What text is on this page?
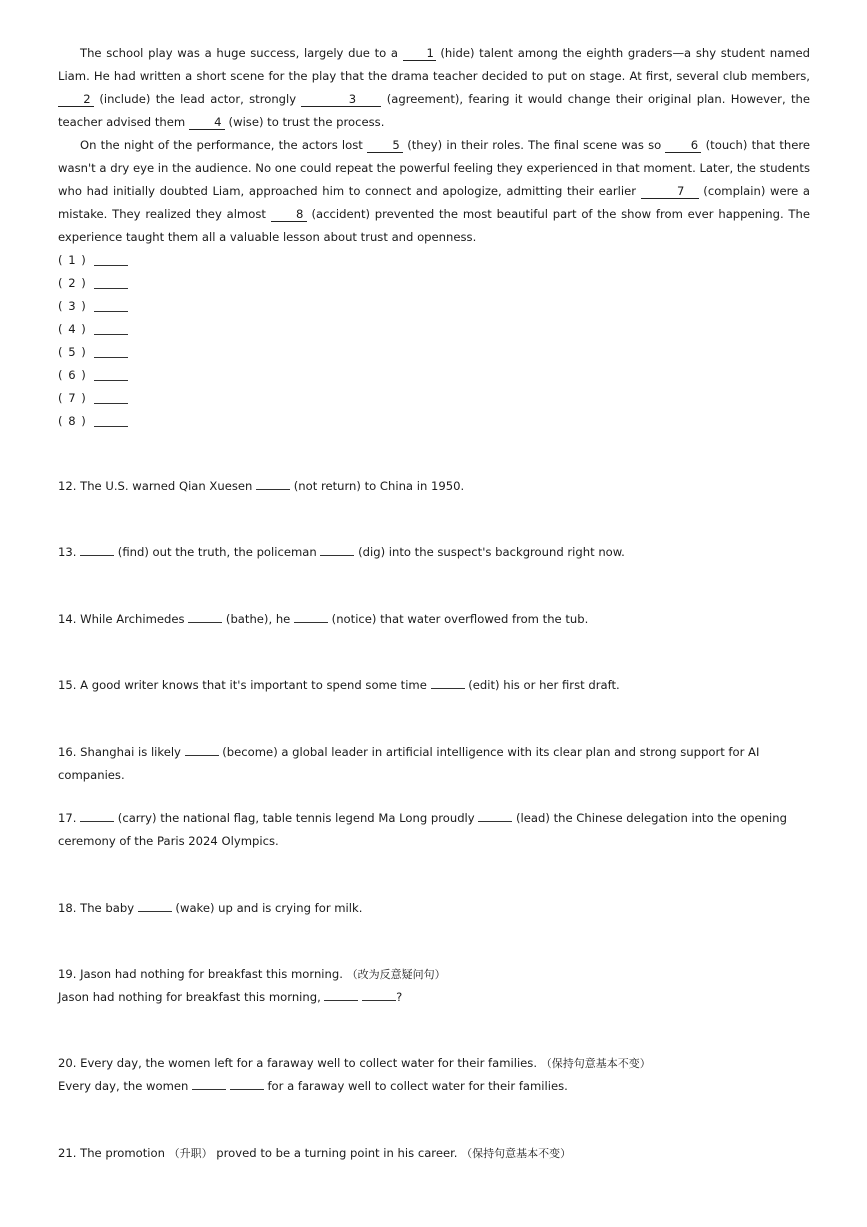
The school play was a huge success, largely due to a 1 (hide) talent among the eighth graders—a shy student named Liam. He had written a short scene for the play that the drama teacher decided to put on stage. At first, several club members, 2 (include) the lead actor, strongly	3 (agreement), fearing it would change their original plan. However, the teacher advised them 4 (wise) to trust the process.

On the night of the performance, the actors lost 5 (they) in their roles. The final scene was so 6 (touch) that there wasn't a dry eye in the audience. No one could repeat the powerful feeling they experienced in that moment. Later, the students who had initially doubted Liam, approached him to connect and apologize, admitting their earlier	7 (complain) were a mistake. They realized they almost 8 (accident) prevented the most beautiful part of the show from ever happening. The experience taught them all a valuable lesson about trust and openness.

( 1 )
( 2 )
( 3 )
( 4 )
( 5 )
( 6 )
( 7 )
( 8 )

12. The U.S. warned Qian Xuesen	(not return) to China in 1950.

13.	(find) out the truth, the policeman	(dig) into the suspect's background right now.

14. While Archimedes	(bathe), he	(notice) that water overflowed from the tub.

15. A good writer knows that it's important to spend some time	(edit) his or her first draft.

16. Shanghai is likely	(become) a global leader in artificial intelligence with its clear plan and strong support for AI companies.

17.	(carry) the national flag, table tennis legend Ma Long proudly	(lead) the Chinese delegation into the opening
ceremony of the Paris 2024 Olympics.

18. The baby	(wake) up and is crying for milk.

19. Jason had nothing for breakfast this morning. （改为反意疑问句）
Jason had nothing for breakfast this morning,	?
20. Every day, the women left for a faraway well to collect water for their families. （保持句意基本不变）
Every day, the women	for a faraway well to collect water for their families.

21. The promotion （升职） proved to be a turning point in his career. （保持句意基本不变）
